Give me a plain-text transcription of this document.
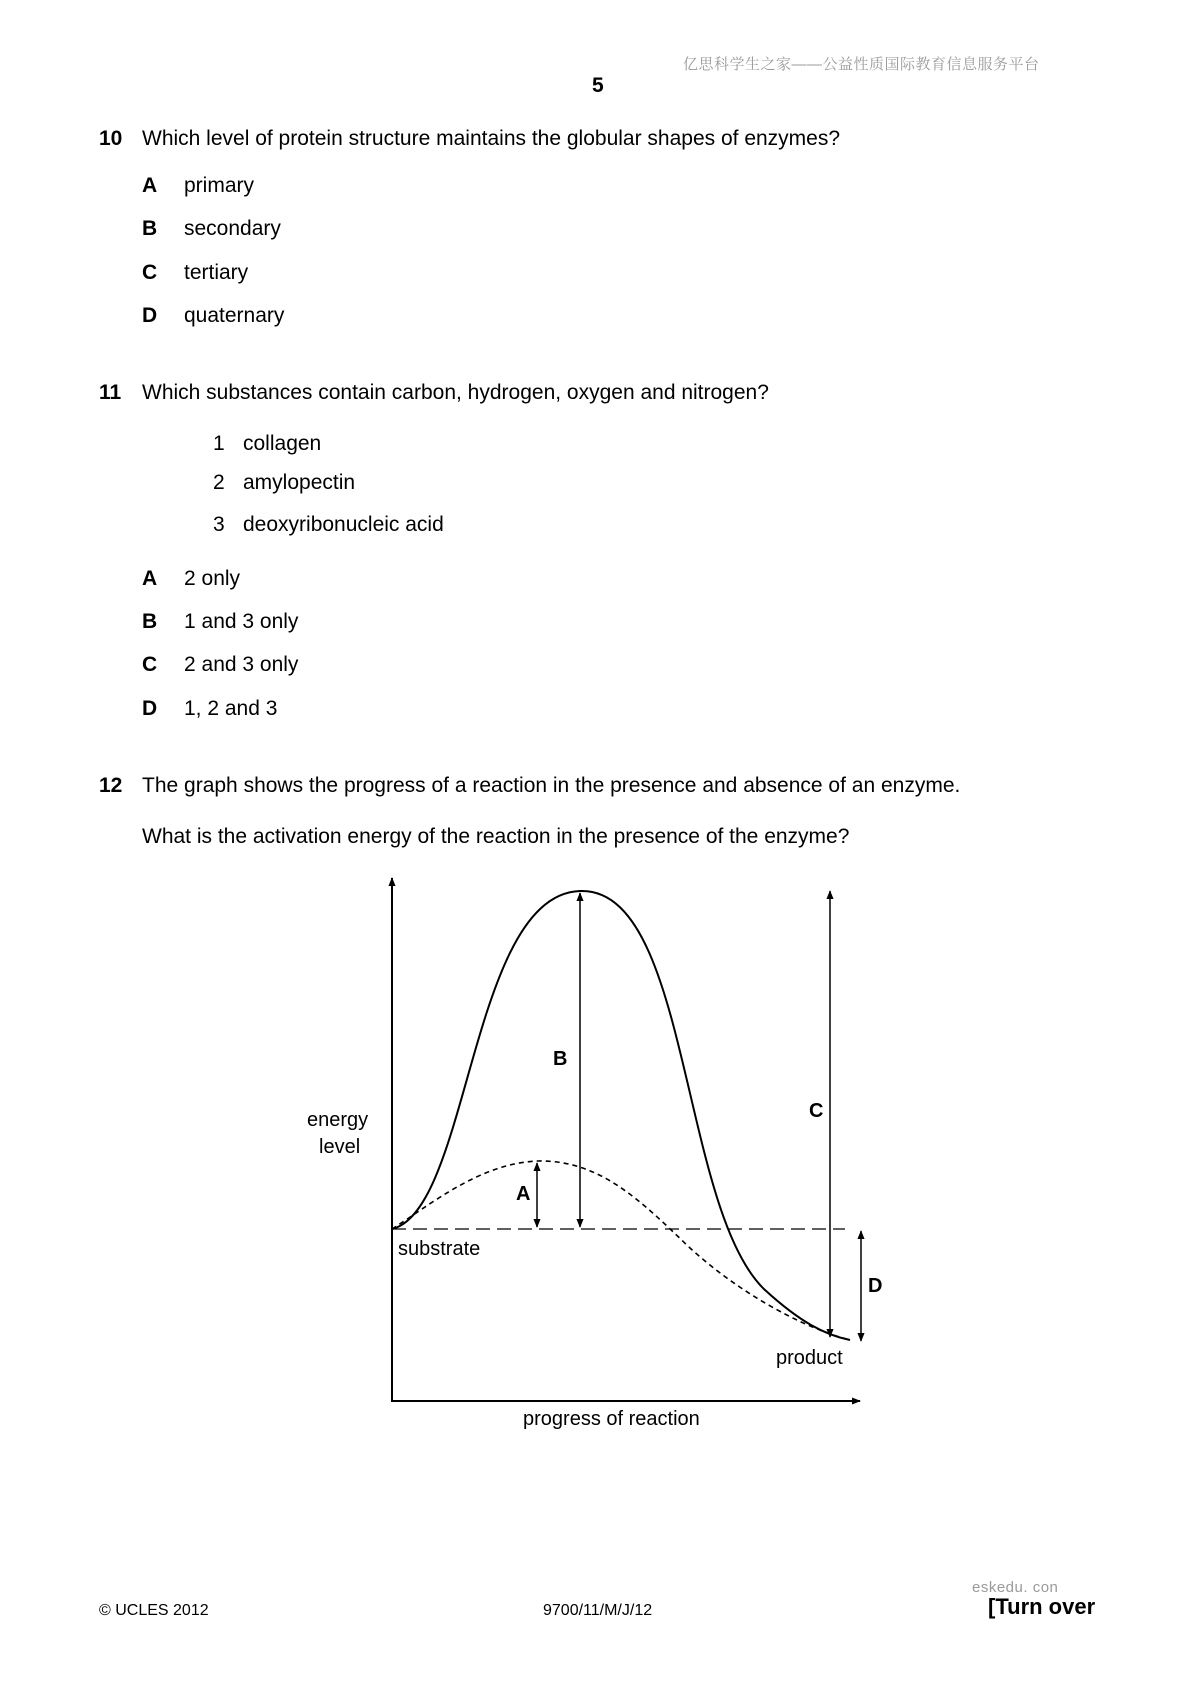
亿思科学生之家——公益性质国际教育信息服务平台
5
10 Which level of protein structure maintains the globular shapes of enzymes?
A primary
B secondary
C tertiary
D quaternary
11 Which substances contain carbon, hydrogen, oxygen and nitrogen?
1 collagen
2 amylopectin
3 deoxyribonucleic acid
A 2 only
B 1 and 3 only
C 2 and 3 only
D 1, 2 and 3
12 The graph shows the progress of a reaction in the presence and absence of an enzyme.
What is the activation energy of the reaction in the presence of the enzyme?
energy
level
substrate
product
progress of reaction
A
B
C
D
eskedu. con
© UCLES 2012	9700/11/M/J/12	[Turn over
